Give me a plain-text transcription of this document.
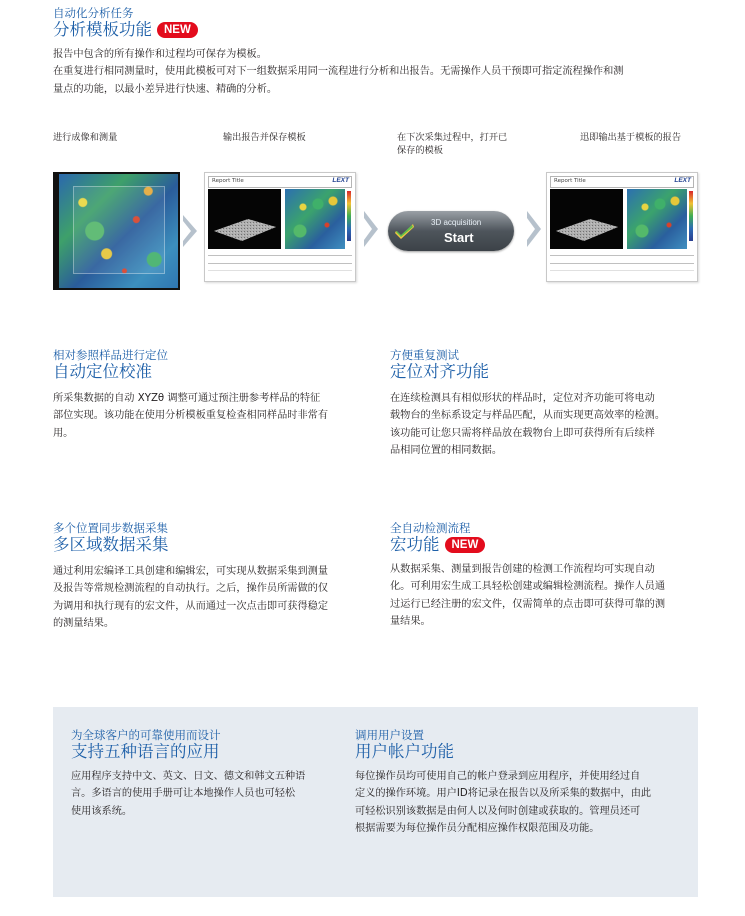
自动化分析任务
分析模板功能 NEW
报告中包含的所有操作和过程均可保存为模板。
在重复进行相同测量时，使用此模板可对下一组数据采用同一流程进行分析和出报告。无需操作人员干预即可指定流程操作和测
量点的功能，以最小差异进行快速、精确的分析。
进行成像和测量	输出报告并保存模板	在下次采集过程中，打开已
保存的模板
迅即输出基于模板的报告
Report Title	LEXT
3D acquisition
Start
Report Title	LEXT
相对参照样品进行定位
自动定位校准
所采集数据的自动 XYZθ 调整可通过预注册参考样品的特征
部位实现。该功能在使用分析模板重复检查相同样品时非常有
用。
方便重复测试
定位对齐功能
在连续检测具有相似形状的样品时，定位对齐功能可将电动
载物台的坐标系设定与样品匹配，从而实现更高效率的检测。
该功能可让您只需将样品放在载物台上即可获得所有后续样
品相同位置的相同数据。
多个位置同步数据采集
多区域数据采集
通过利用宏编译工具创建和编辑宏，可实现从数据采集到测量
及报告等常规检测流程的自动执行。之后，操作员所需做的仅
为调用和执行现有的宏文件，从而通过一次点击即可获得稳定
的测量结果。
全自动检测流程
宏功能 NEW
从数据采集、测量到报告创建的检测工作流程均可实现自动
化。可利用宏生成工具轻松创建或编辑检测流程。操作人员通
过运行已经注册的宏文件，仅需简单的点击即可获得可靠的测
量结果。
为全球客户的可靠使用而设计
支持五种语言的应用
应用程序支持中文、英文、日文、德文和韩文五种语
言。多语言的使用手册可让本地操作人员也可轻松
使用该系统。
调用用户设置
用户帐户功能
每位操作员均可使用自己的帐户登录到应用程序，并使用经过自
定义的操作环境。用户ID将记录在报告以及所采集的数据中，由此
可轻松识别该数据是由何人以及何时创建或获取的。管理员还可
根据需要为每位操作员分配相应操作权限范围及功能。
